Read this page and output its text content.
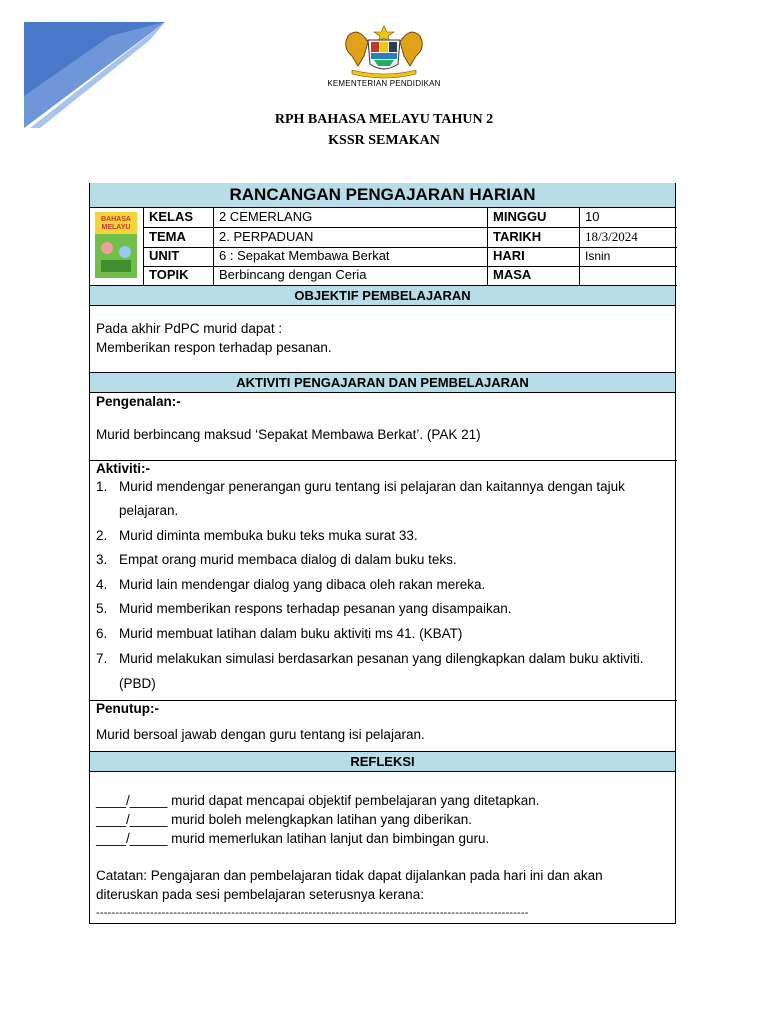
KEMENTERIAN PENDIDIKAN
RPH BAHASA MELAYU TAHUN 2
KSSR SEMAKAN
RANCANGAN PENGAJARAN HARIAN
BAHASA
MELAYU
KELAS	2 CEMERLANG	MINGGU	10
TEMA	2. PERPADUAN	TARIKH	18/3/2024
UNIT	6 : Sepakat Membawa Berkat	HARI	Isnin
TOPIK	Berbincang dengan Ceria	MASA
OBJEKTIF PEMBELAJARAN
Pada akhir PdPC murid dapat :
Memberikan respon terhadap pesanan.
AKTIVITI PENGAJARAN DAN PEMBELAJARAN
Pengenalan:-
Murid berbincang maksud ‘Sepakat Membawa Berkat’. (PAK 21)
Aktiviti:-
1. Murid mendengar penerangan guru tentang isi pelajaran dan kaitannya dengan tajuk
pelajaran.
2. Murid diminta membuka buku teks muka surat 33.
3. Empat orang murid membaca dialog di dalam buku teks.
4. Murid lain mendengar dialog yang dibaca oleh rakan mereka.
5. Murid memberikan respons terhadap pesanan yang disampaikan.
6. Murid membuat latihan dalam buku aktiviti ms 41. (KBAT)
7. Murid melakukan simulasi berdasarkan pesanan yang dilengkapkan dalam buku aktiviti.
(PBD)
Penutup:-
Murid bersoal jawab dengan guru tentang isi pelajaran.
REFLEKSI
____/_____ murid dapat mencapai objektif pembelajaran yang ditetapkan.
____/_____ murid boleh melengkapkan latihan yang diberikan.
____/_____ murid memerlukan latihan lanjut dan bimbingan guru.
Catatan: Pengajaran dan pembelajaran tidak dapat dijalankan pada hari ini dan akan
diteruskan pada sesi pembelajaran seterusnya kerana:
----------------------------------------------------------------------------------------------------------------
